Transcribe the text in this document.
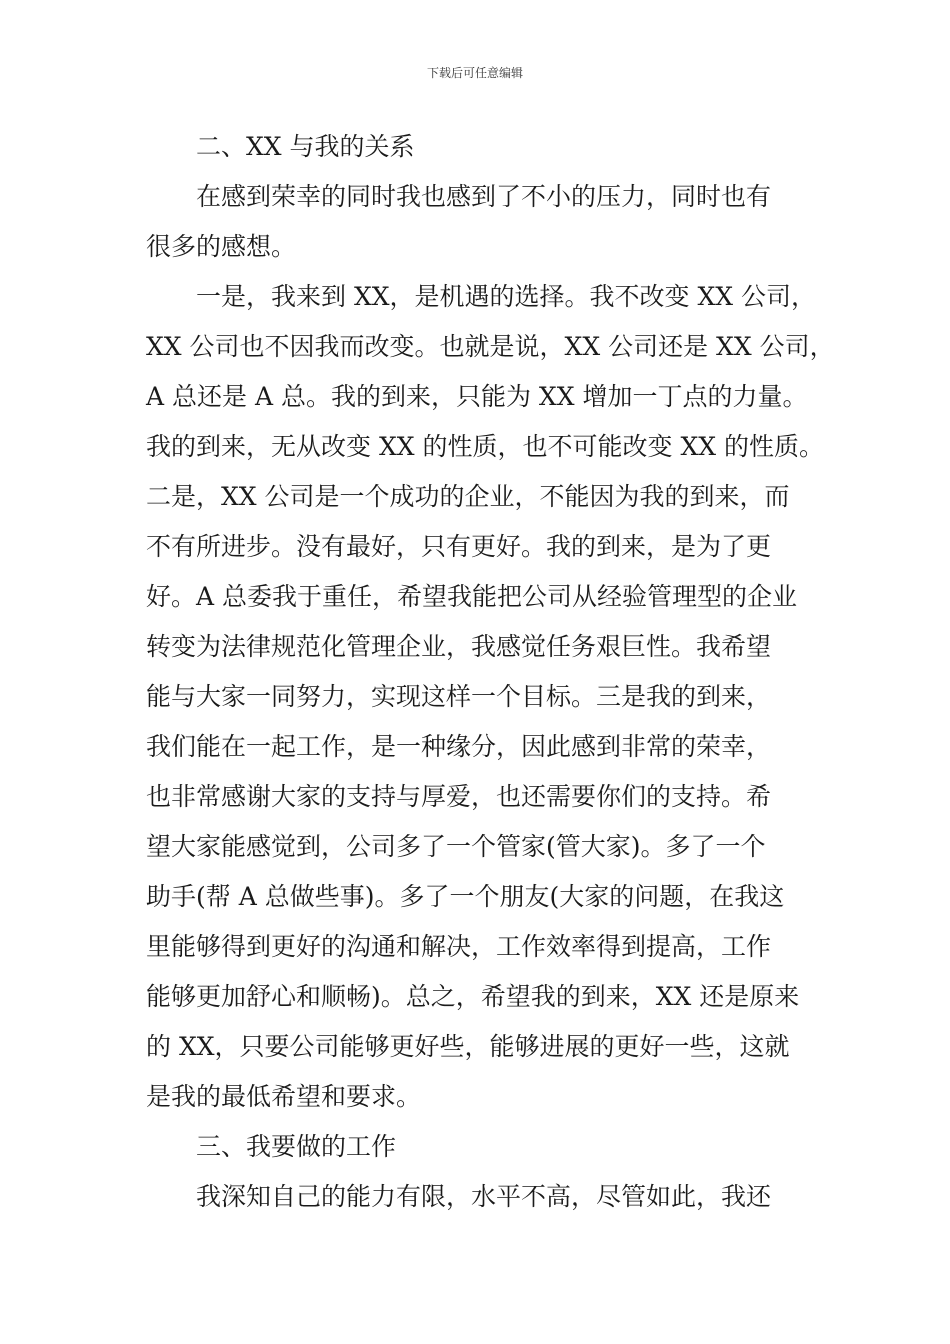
下载后可任意编辑
二、XX 与我的关系
在感到荣幸的同时我也感到了不小的压力，同时也有
很多的感想。
一是，我来到 XX，是机遇的选择。我不改变 XX 公司，
XX 公司也不因我而改变。也就是说，XX 公司还是 XX 公司，
A 总还是 A 总。我的到来，只能为 XX 增加一丁点的力量。
我的到来，无从改变 XX 的性质，也不可能改变 XX 的性质。
二是，XX 公司是一个成功的企业，不能因为我的到来，而
不有所进步。没有最好，只有更好。我的到来，是为了更
好。A 总委我于重任，希望我能把公司从经验管理型的企业
转变为法律规范化管理企业，我感觉任务艰巨性。我希望
能与大家一同努力，实现这样一个目标。三是我的到来，
我们能在一起工作，是一种缘分，因此感到非常的荣幸，
也非常感谢大家的支持与厚爱，也还需要你们的支持。希
望大家能感觉到，公司多了一个管家(管大家)。多了一个
助手(帮 A 总做些事)。多了一个朋友(大家的问题，在我这
里能够得到更好的沟通和解决，工作效率得到提高，工作
能够更加舒心和顺畅)。总之，希望我的到来，XX 还是原来
的 XX，只要公司能够更好些，能够进展的更好一些，这就
是我的最低希望和要求。
三、我要做的工作
我深知自己的能力有限，水平不高，尽管如此，我还
